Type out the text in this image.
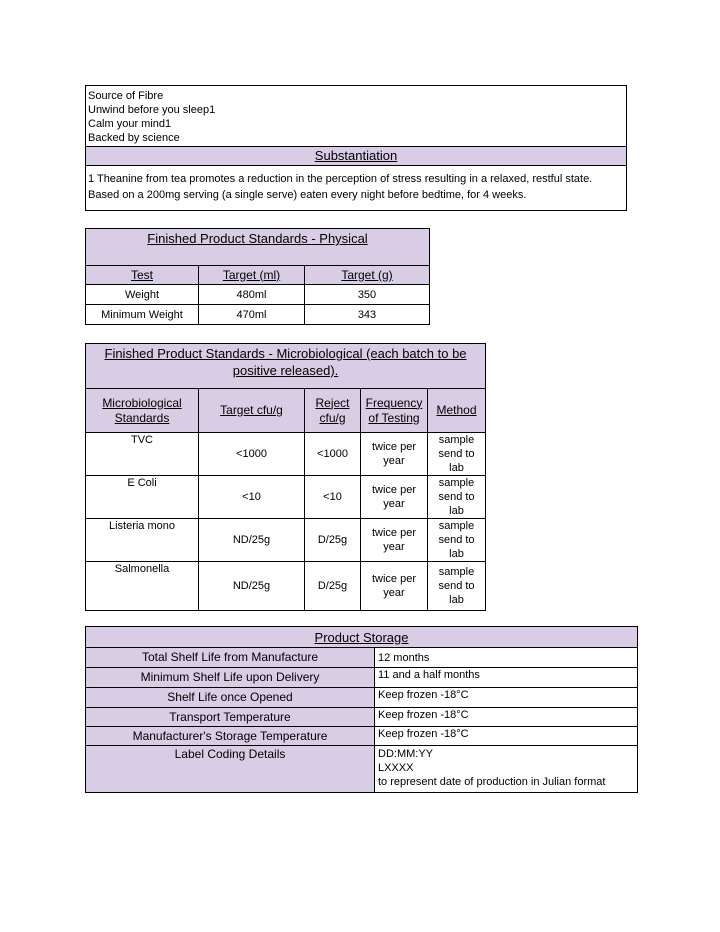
Source of Fibre
Unwind before you sleep1
Calm your mind1
Backed by science
Substantiation
1 Theanine from tea promotes a reduction in the perception of stress resulting in a relaxed, restful state. Based on a 200mg serving (a single serve) eaten every night before bedtime, for 4 weeks.
Finished Product Standards - Physical		
Test	Target (ml)	Target (g)
Weight	480ml	350
Minimum Weight	470ml	343
Finished Product Standards - Microbiological (each batch to be positive released).				
Microbiological Standards	Target cfu/g	Reject cfu/g	Frequency of Testing	Method
TVC	<1000	<1000	twice per year	sample send to lab
E Coli	<10	<10	twice per year	sample send to lab
Listeria mono	ND/25g	D/25g	twice per year	sample send to lab
Salmonella	ND/25g	D/25g	twice per year	sample send to lab
Product Storage	
Total Shelf Life from Manufacture	12 months
Minimum Shelf Life upon Delivery	11 and a half months
Shelf Life once Opened	Keep frozen -18°C
Transport Temperature	Keep frozen -18°C
Manufacturer's Storage Temperature	Keep frozen -18°C
Label Coding Details	DD:MM:YY
LXXXX
to represent date of production in Julian format
